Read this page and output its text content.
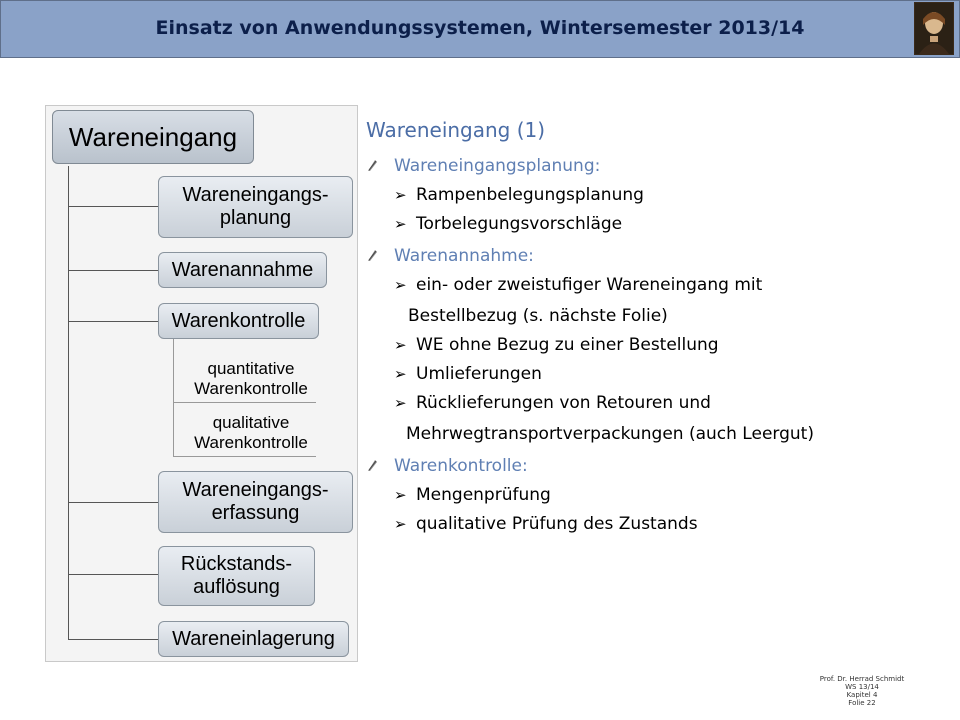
Einsatz von Anwendungssystemen, Wintersemester 2013/14
Wareneingang
Wareneingangs-
planung
Warenannahme
Warenkontrolle
quantitative
Warenkontrolle
qualitative
Warenkontrolle
Wareneingangs-
erfassung
Rückstands-
auflösung
Wareneinlagerung
Wareneingang (1)
Wareneingangsplanung:
➢ Rampenbelegungsplanung
➢ Torbelegungsvorschläge
Warenannahme:
➢ ein- oder zweistufiger Wareneingang mit
Bestellbezug (s. nächste Folie)
➢ WE ohne Bezug zu einer Bestellung
➢ Umlieferungen
➢ Rücklieferungen von Retouren und
Mehrwegtransportverpackungen (auch Leergut)
Warenkontrolle:
➢ Mengenprüfung
➢ qualitative Prüfung des Zustands
Prof. Dr. Herrad Schmidt
WS 13/14
Kapitel 4
Folie 22
